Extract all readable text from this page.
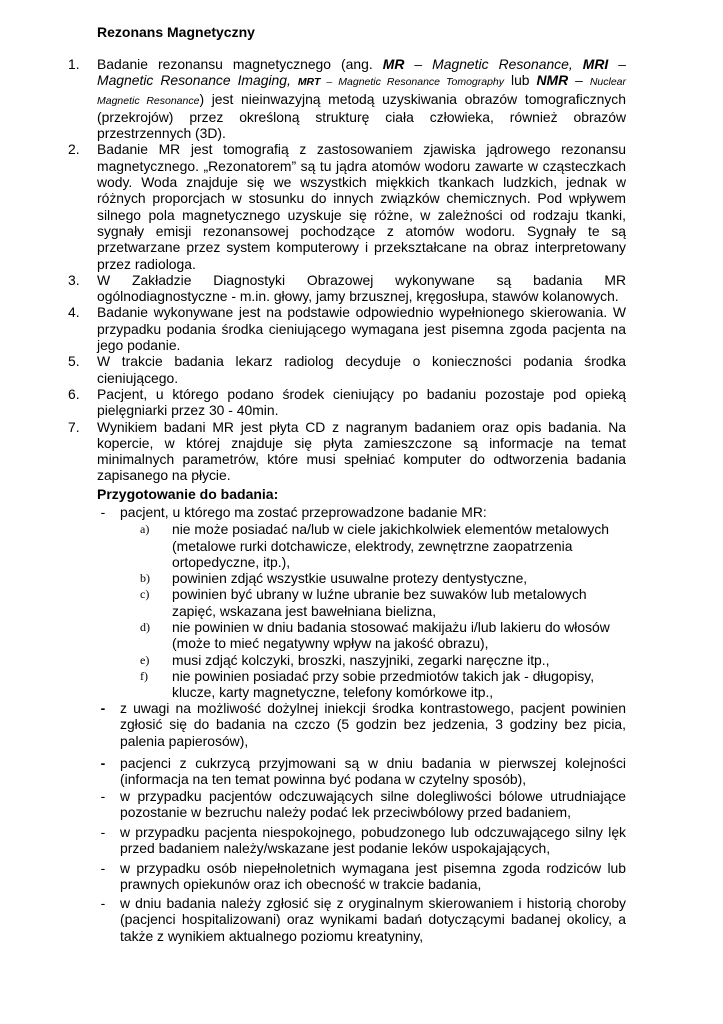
Rezonans Magnetyczny
1. Badanie rezonansu magnetycznego (ang. MR – Magnetic Resonance, MRI – Magnetic Resonance Imaging, MRT – Magnetic Resonance Tomography lub NMR – Nuclear Magnetic Resonance) jest nieinwazyjną metodą uzyskiwania obrazów tomograficznych (przekrojów) przez określoną strukturę ciała człowieka, również obrazów przestrzennych (3D).
2. Badanie MR jest tomografią z zastosowaniem zjawiska jądrowego rezonansu magnetycznego. „Rezonatorem” są tu jądra atomów wodoru zawarte w cząsteczkach wody. Woda znajduje się we wszystkich miękkich tkankach ludzkich, jednak w różnych proporcjach w stosunku do innych związków chemicznych. Pod wpływem silnego pola magnetycznego uzyskuje się różne, w zależności od rodzaju tkanki, sygnały emisji rezonansowej pochodzące z atomów wodoru. Sygnały te są przetwarzane przez system komputerowy i przekształcane na obraz interpretowany przez radiologa.
3. W Zakładzie Diagnostyki Obrazowej wykonywane są badania MR ogólnodiagnostyczne - m.in. głowy, jamy brzusznej, kręgosłupa, stawów kolanowych.
4. Badanie wykonywane jest na podstawie odpowiednio wypełnionego skierowania. W przypadku podania środka cieniującego wymagana jest pisemna zgoda pacjenta na jego podanie.
5. W trakcie badania lekarz radiolog decyduje o konieczności podania środka cieniującego.
6. Pacjent, u którego podano środek cieniujący po badaniu pozostaje pod opieką pielęgniarki przez 30 - 40min.
7. Wynikiem badani MR jest płyta CD z nagranym badaniem oraz opis badania. Na kopercie, w której znajduje się płyta zamieszczone są informacje na temat minimalnych parametrów, które musi spełniać komputer do odtworzenia badania zapisanego na płycie.
Przygotowanie do badania:
-	pacjent, u którego ma zostać przeprowadzone badanie MR:
a) nie może posiadać na/lub w ciele jakichkolwiek elementów metalowych (metalowe rurki dotchawicze, elektrody, zewnętrzne zaopatrzenia ortopedyczne, itp.),
b) powinien zdjąć wszystkie usuwalne protezy dentystyczne,
c) powinien być ubrany w luźne ubranie bez suwaków lub metalowych zapięć, wskazana jest bawełniana bielizna,
d) nie powinien w dniu badania stosować makijażu i/lub lakieru do włosów (może to mieć negatywny wpływ na jakość obrazu),
e) musi zdjąć kolczyki, broszki, naszyjniki, zegarki naręczne itp.,
f) nie powinien posiadać przy sobie przedmiotów takich jak - długopisy, klucze, karty magnetyczne, telefony komórkowe itp.,
-	z uwagi na możliwość dożylnej iniekcji środka kontrastowego, pacjent powinien zgłosić się do badania na czczo (5 godzin bez jedzenia, 3 godziny bez picia, palenia papierosów),
-	pacjenci z cukrzycą przyjmowani są w dniu badania w pierwszej kolejności (informacja na ten temat powinna być podana w czytelny sposób),
-	w przypadku pacjentów odczuwających silne dolegliwości bólowe utrudniające pozostanie w bezruchu należy podać lek przeciwbólowy przed badaniem,
-	w przypadku pacjenta niespokojnego, pobudzonego lub odczuwającego silny lęk przed badaniem należy/wskazane jest podanie leków uspokajających,
-	w przypadku osób niepełnoletnich wymagana jest pisemna zgoda rodziców lub prawnych opiekunów oraz ich obecność w trakcie badania,
-	w dniu badania należy zgłosić się z oryginalnym skierowaniem i historią choroby (pacjenci hospitalizowani) oraz wynikami badań dotyczącymi badanej okolicy, a także z wynikiem aktualnego poziomu kreatyniny,
